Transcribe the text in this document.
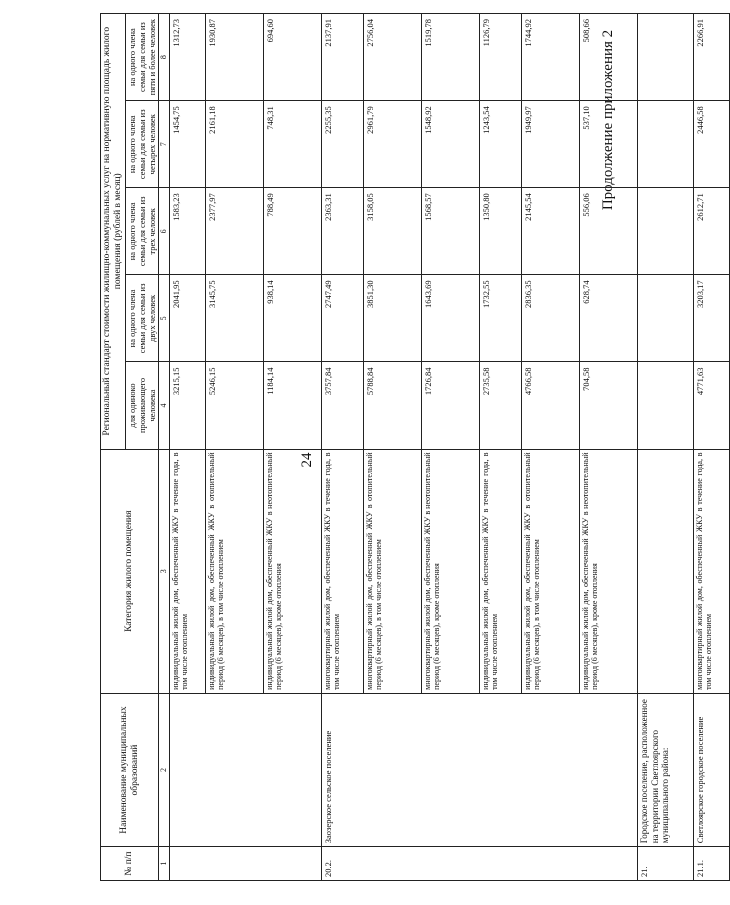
24
Продолжение приложения 2
№ п/п	Наименование муниципальных образований	Категория жилого помещения	Региональный стандарт стоимости жилищно-коммунальных услуг на нормативную площадь жилого помещения (рублей в месяц)				
			для одиноко проживающего человека	на одного члена семьи для семьи из двух человек	на одного члена семьи для семьи из трех человек	на одного члена семьи для семьи из четырех человек	на одного члена семьи для семьи из пяти и более человек
1	2	3	4	5	6	7	8
		индивидуальный жилой дом, обеспеченный ЖКУ в течение года, в том числе отоплением	3215,15	2041,95	1583,23	1454,75	1312,73
		индивидуальный жилой дом, обеспеченный ЖКУ в отопительный период (6 месяцев), в том числе отоплением	5246,15	3145,75	2377,97	2161,18	1930,87
		индивидуальный жилой дом, обеспеченный ЖКУ в неотопительный период (6 месяцев), кроме отопления	1184,14	938,14	788,49	748,31	694,60
20.2.	Заозерское сельское поселение	многоквартирный жилой дом, обеспеченный ЖКУ в течение года, в том числе отоплением	3757,84	2747,49	2363,31	2255,35	2137,91
		многоквартирный жилой дом, обеспеченный ЖКУ в отопительный период (6 месяцев), в том числе отоплением	5788,84	3851,30	3158,05	2961,79	2756,04
		многоквартирный жилой дом, обеспеченный ЖКУ в неотопительный период (6 месяцев), кроме отопления	1726,84	1643,69	1568,57	1548,92	1519,78
		индивидуальный жилой дом, обеспеченный ЖКУ в течение года, в том числе отоплением	2735,58	1732,55	1350,80	1243,54	1126,79
		индивидуальный жилой дом, обеспеченный ЖКУ в отопительный период (6 месяцев), в том числе отоплением	4766,58	2836,35	2145,54	1949,97	1744,92
		индивидуальный жилой дом, обеспеченный ЖКУ в неотопительный период (6 месяцев), кроме отопления	704,58	628,74	556,06	537,10	508,66
21.	Городское поселение, расположенное на территории Светлоярского муниципального района:						
21.1.	Светлоярское городское поселение	многоквартирный жилой дом, обеспеченный ЖКУ в течение года, в том числе отоплением	4771,63	3203,17	2612,71	2446,58	2266,91
